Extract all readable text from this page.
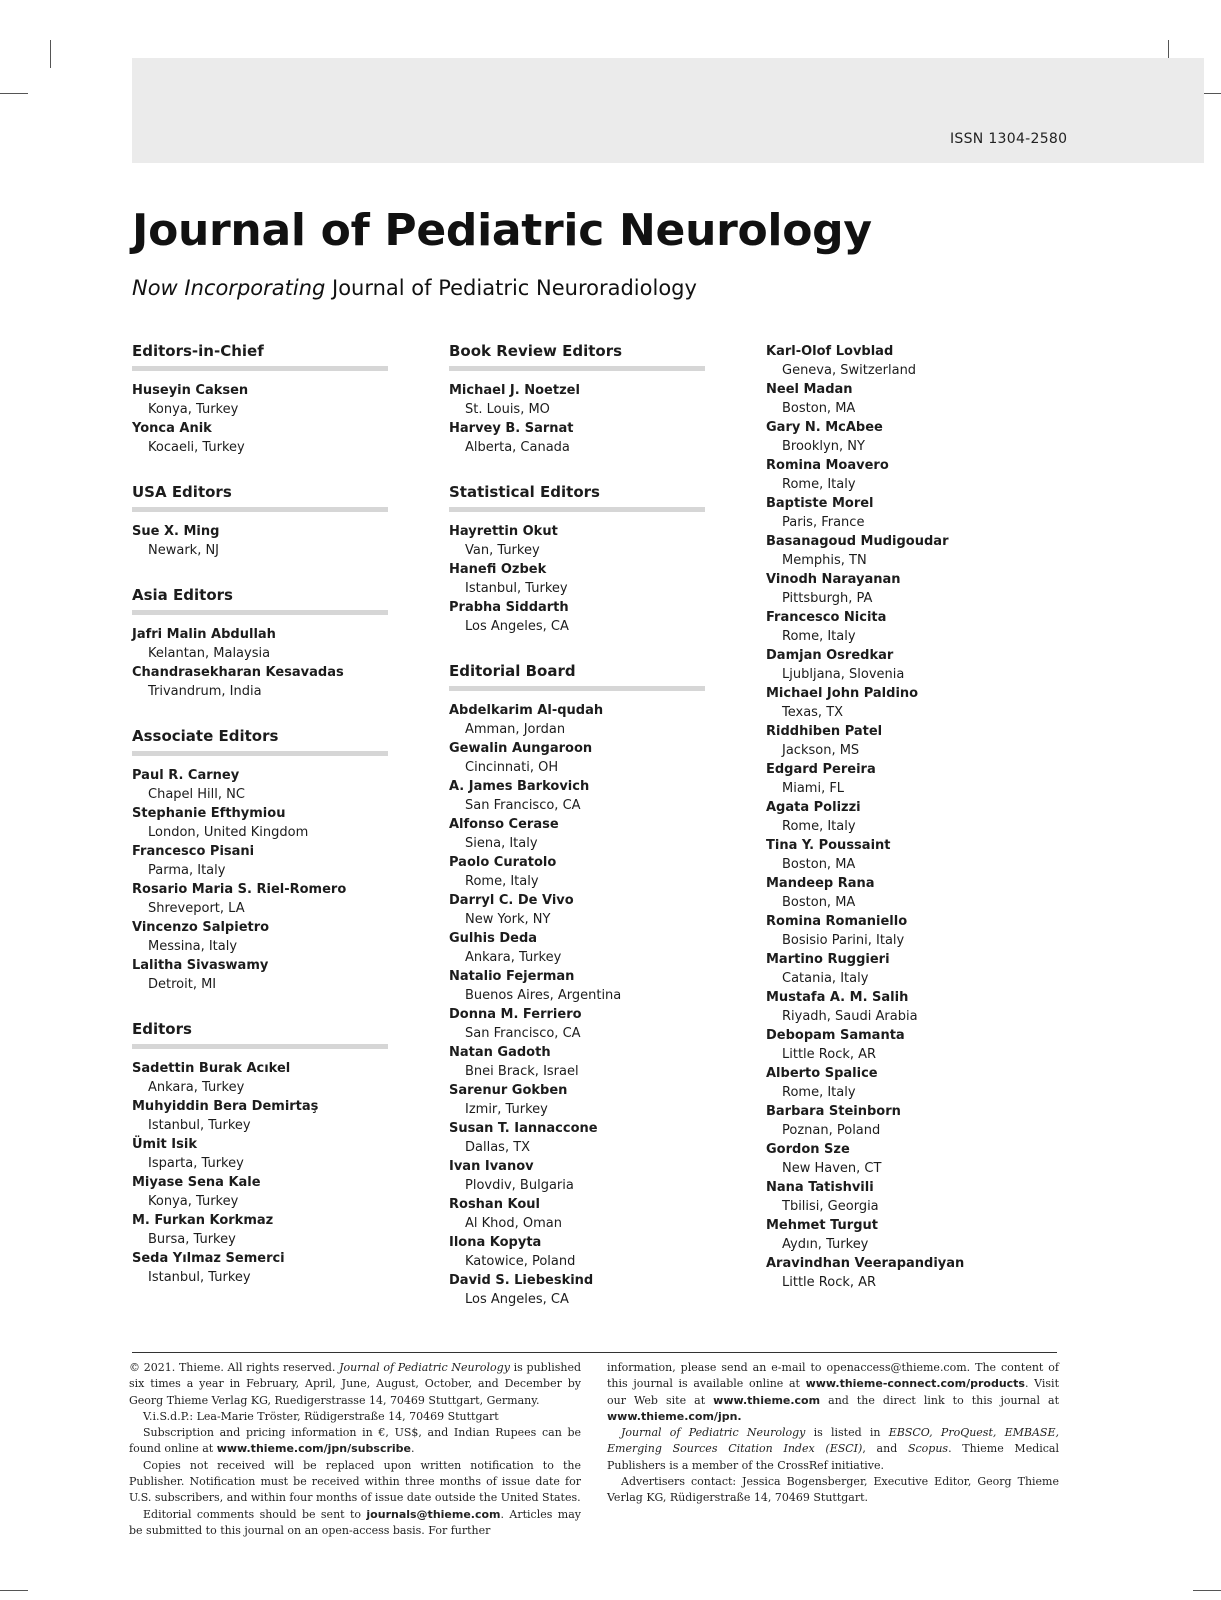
ISSN 1304-2580
Journal of Pediatric Neurology
Now Incorporating Journal of Pediatric Neuroradiology
Editors-in-Chief
Huseyin Caksen
Konya, Turkey
Yonca Anik
Kocaeli, Turkey
USA Editors
Sue X. Ming
Newark, NJ
Asia Editors
Jafri Malin Abdullah
Kelantan, Malaysia
Chandrasekharan Kesavadas
Trivandrum, India
Associate Editors
Paul R. Carney
Chapel Hill, NC
Stephanie Efthymiou
London, United Kingdom
Francesco Pisani
Parma, Italy
Rosario Maria S. Riel-Romero
Shreveport, LA
Vincenzo Salpietro
Messina, Italy
Lalitha Sivaswamy
Detroit, MI
Editors
Sadettin Burak Acıkel
Ankara, Turkey
Muhyiddin Bera Demirtaş
Istanbul, Turkey
Ümit Isik
Isparta, Turkey
Miyase Sena Kale
Konya, Turkey
M. Furkan Korkmaz
Bursa, Turkey
Seda Yılmaz Semerci
Istanbul, Turkey
Book Review Editors
Michael J. Noetzel
St. Louis, MO
Harvey B. Sarnat
Alberta, Canada
Statistical Editors
Hayrettin Okut
Van, Turkey
Hanefi Ozbek
Istanbul, Turkey
Prabha Siddarth
Los Angeles, CA
Editorial Board
Abdelkarim Al-qudah
Amman, Jordan
Gewalin Aungaroon
Cincinnati, OH
A. James Barkovich
San Francisco, CA
Alfonso Cerase
Siena, Italy
Paolo Curatolo
Rome, Italy
Darryl C. De Vivo
New York, NY
Gulhis Deda
Ankara, Turkey
Natalio Fejerman
Buenos Aires, Argentina
Donna M. Ferriero
San Francisco, CA
Natan Gadoth
Bnei Brack, Israel
Sarenur Gokben
Izmir, Turkey
Susan T. Iannaccone
Dallas, TX
Ivan Ivanov
Plovdiv, Bulgaria
Roshan Koul
Al Khod, Oman
Ilona Kopyta
Katowice, Poland
David S. Liebeskind
Los Angeles, CA
Karl-Olof Lovblad
Geneva, Switzerland
Neel Madan
Boston, MA
Gary N. McAbee
Brooklyn, NY
Romina Moavero
Rome, Italy
Baptiste Morel
Paris, France
Basanagoud Mudigoudar
Memphis, TN
Vinodh Narayanan
Pittsburgh, PA
Francesco Nicita
Rome, Italy
Damjan Osredkar
Ljubljana, Slovenia
Michael John Paldino
Texas, TX
Riddhiben Patel
Jackson, MS
Edgard Pereira
Miami, FL
Agata Polizzi
Rome, Italy
Tina Y. Poussaint
Boston, MA
Mandeep Rana
Boston, MA
Romina Romaniello
Bosisio Parini, Italy
Martino Ruggieri
Catania, Italy
Mustafa A. M. Salih
Riyadh, Saudi Arabia
Debopam Samanta
Little Rock, AR
Alberto Spalice
Rome, Italy
Barbara Steinborn
Poznan, Poland
Gordon Sze
New Haven, CT
Nana Tatishvili
Tbilisi, Georgia
Mehmet Turgut
Aydın, Turkey
Aravindhan Veerapandiyan
Little Rock, AR

© 2021. Thieme. All rights reserved. Journal of Pediatric Neurology is published six times a year in February, April, June, August, October, and December by Georg Thieme Verlag KG, Ruedigerstrasse 14, 70469 Stuttgart, Germany.

V.i.S.d.P.: Lea-Marie Tröster, Rüdigerstraße 14, 70469 Stuttgart

Subscription and pricing information in €, US$, and Indian Rupees can be found online at www.thieme.com/jpn/subscribe.

Copies not received will be replaced upon written notification to the Publisher. Notification must be received within three months of issue date for U.S. subscribers, and within four months of issue date outside the United States.

Editorial comments should be sent to journals@thieme.com. Articles may be submitted to this journal on an open-access basis. For further

information, please send an e-mail to openaccess@thieme.com. The content of this journal is available online at www.thieme-connect.com/products. Visit our Web site at www.thieme.com and the direct link to this journal at www.thieme.com/jpn.

Journal of Pediatric Neurology is listed in EBSCO, ProQuest, EMBASE, Emerging Sources Citation Index (ESCI), and Scopus. Thieme Medical Publishers is a member of the CrossRef initiative.

Advertisers contact: Jessica Bogensberger, Executive Editor, Georg Thieme Verlag KG, Rüdigerstraße 14, 70469 Stuttgart.
